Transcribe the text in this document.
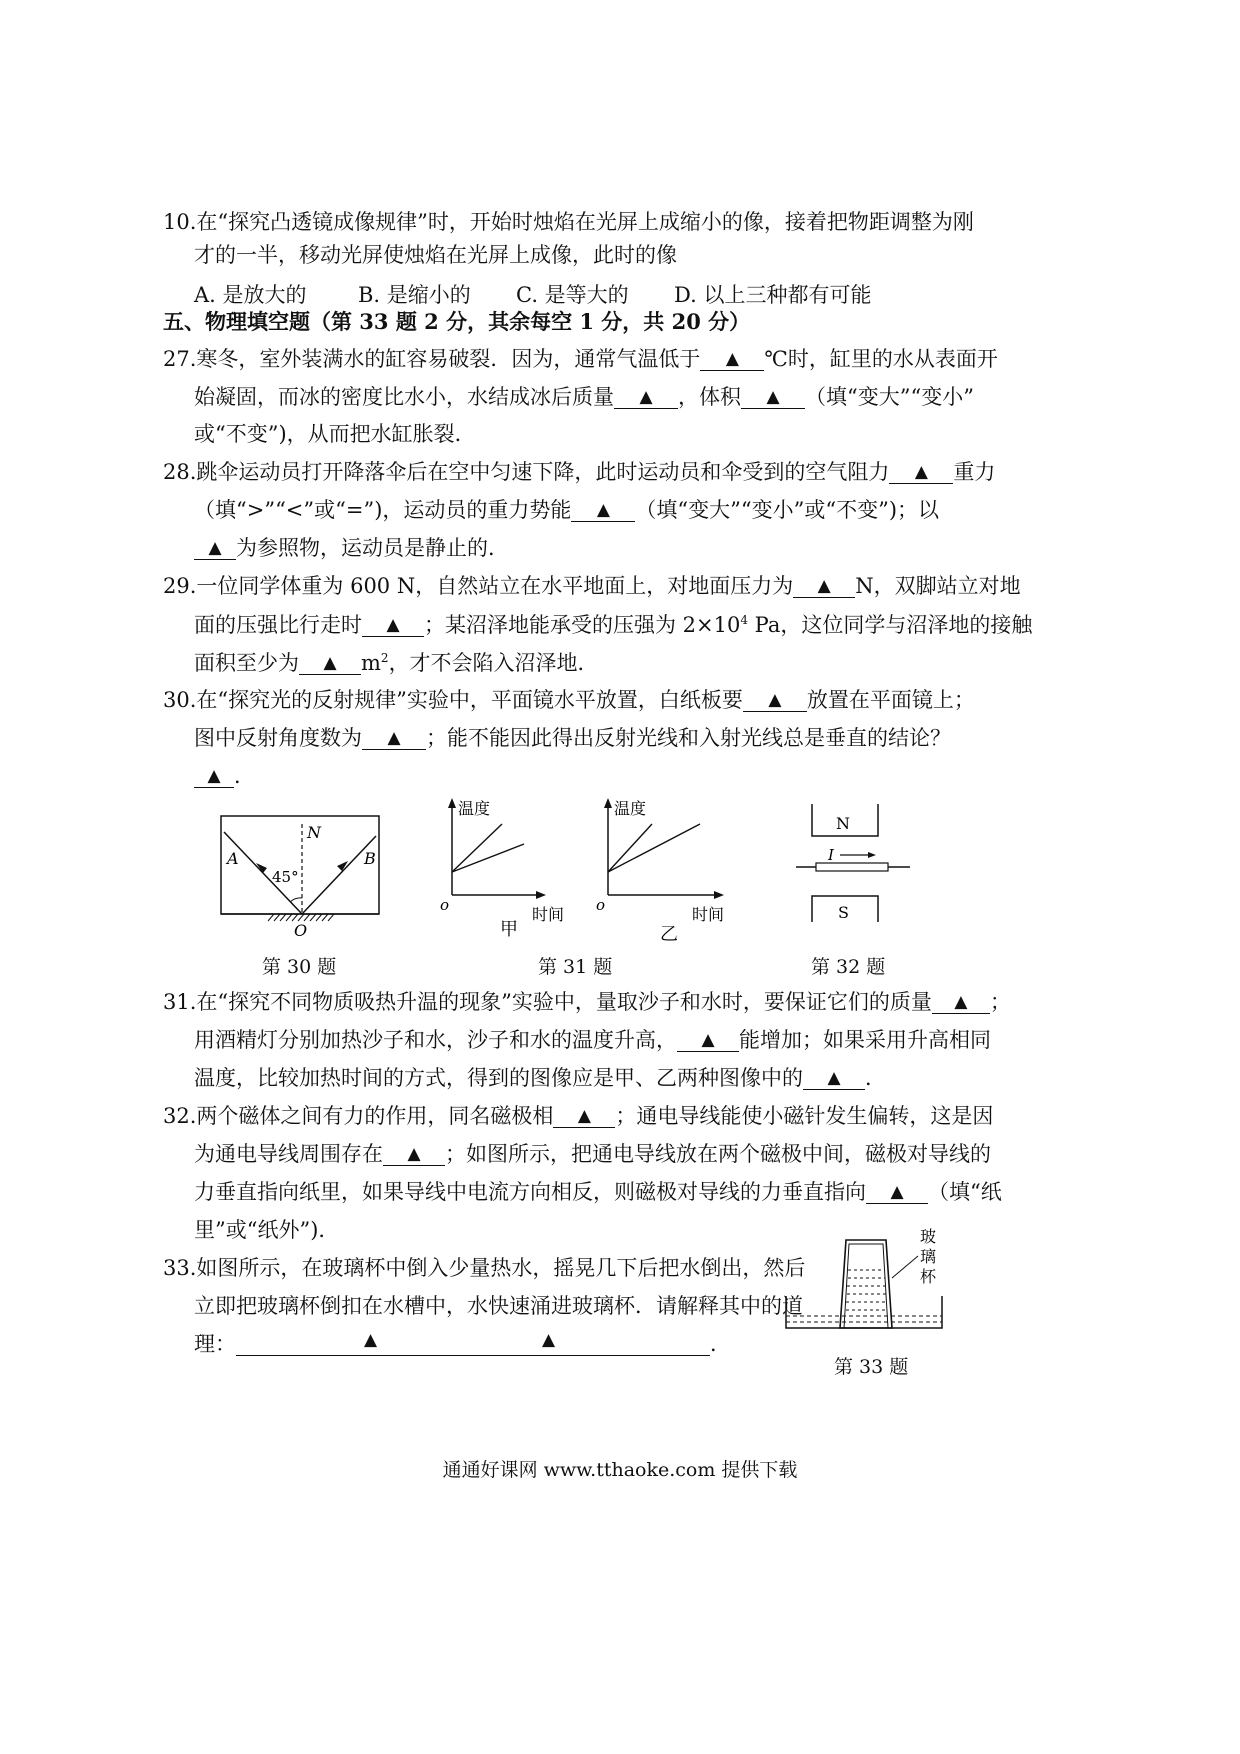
10.在“探究凸透镜成像规律”时，开始时烛焰在光屏上成缩小的像，接着把物距调整为刚
才的一半，移动光屏使烛焰在光屏上成像，此时的像
A. 是放大的 B. 是缩小的 C. 是等大的 D. 以上三种都有可能
五、物理填空题（第 33 题 2 分，其余每空 1 分，共 20 分）
27.寒冬，室外装满水的缸容易破裂．因为，通常气温低于 ▲ ℃时，缸里的水从表面开
始凝固，而冰的密度比水小，水结成冰后质量 ▲ ，体积 ▲ （填“变大”“变小”
或“不变”)，从而把水缸胀裂．
28.跳伞运动员打开降落伞后在空中匀速下降，此时运动员和伞受到的空气阻力 ▲ 重力
（填“>”“<”或“=”)，运动员的重力势能 ▲ （填“变大”“变小”或“不变”)；以
▲ 为参照物，运动员是静止的．
29.一位同学体重为 600 N，自然站立在水平地面上，对地面压力为 ▲ N，双脚站立对地
面的压强比行走时 ▲ ；某沼泽地能承受的压强为 $2\times 10^4$ Pa，这位同学与沼泽地的接触
面积至少为 ▲ $m^2$，才不会陷入沼泽地．
30.在“探究光的反射规律”实验中，平面镜水平放置，白纸板要 ▲ 放置在平面镜上；
图中反射角度数为 ▲ ；能不能因此得出反射光线和入射光线总是垂直的结论？
▲ ．
N
A	B
O
45°
第 30 题
温度
o	时间
甲
温度
o	时间
乙
第 31 题
N
I
S
第 32 题
31.在“探究不同物质吸热升温的现象”实验中，量取沙子和水时，要保证它们的质量 ▲ ；
用酒精灯分别加热沙子和水，沙子和水的温度升高， ▲ 能增加；如果采用升高相同
温度，比较加热时间的方式，得到的图像应是甲、乙两种图像中的 ▲ ．
32.两个磁体之间有力的作用，同名磁极相 ▲ ；通电导线能使小磁针发生偏转，这是因
为通电导线周围存在 ▲ ；如图所示，把通电导线放在两个磁极中间，磁极对导线的
力垂直指向纸里，如果导线中电流方向相反，则磁极对导线的力垂直指向 ▲ （填“纸
里”或“纸外”)．
33.如图所示，在玻璃杯中倒入少量热水，摇晃几下后把水倒出，然后
立即把玻璃杯倒扣在水槽中，水快速涌进玻璃杯．请解释其中的道
理：	▲	▲	．
玻
璃
杯
第 33 题
通通好课网 www.tthaoke.com 提供下载
